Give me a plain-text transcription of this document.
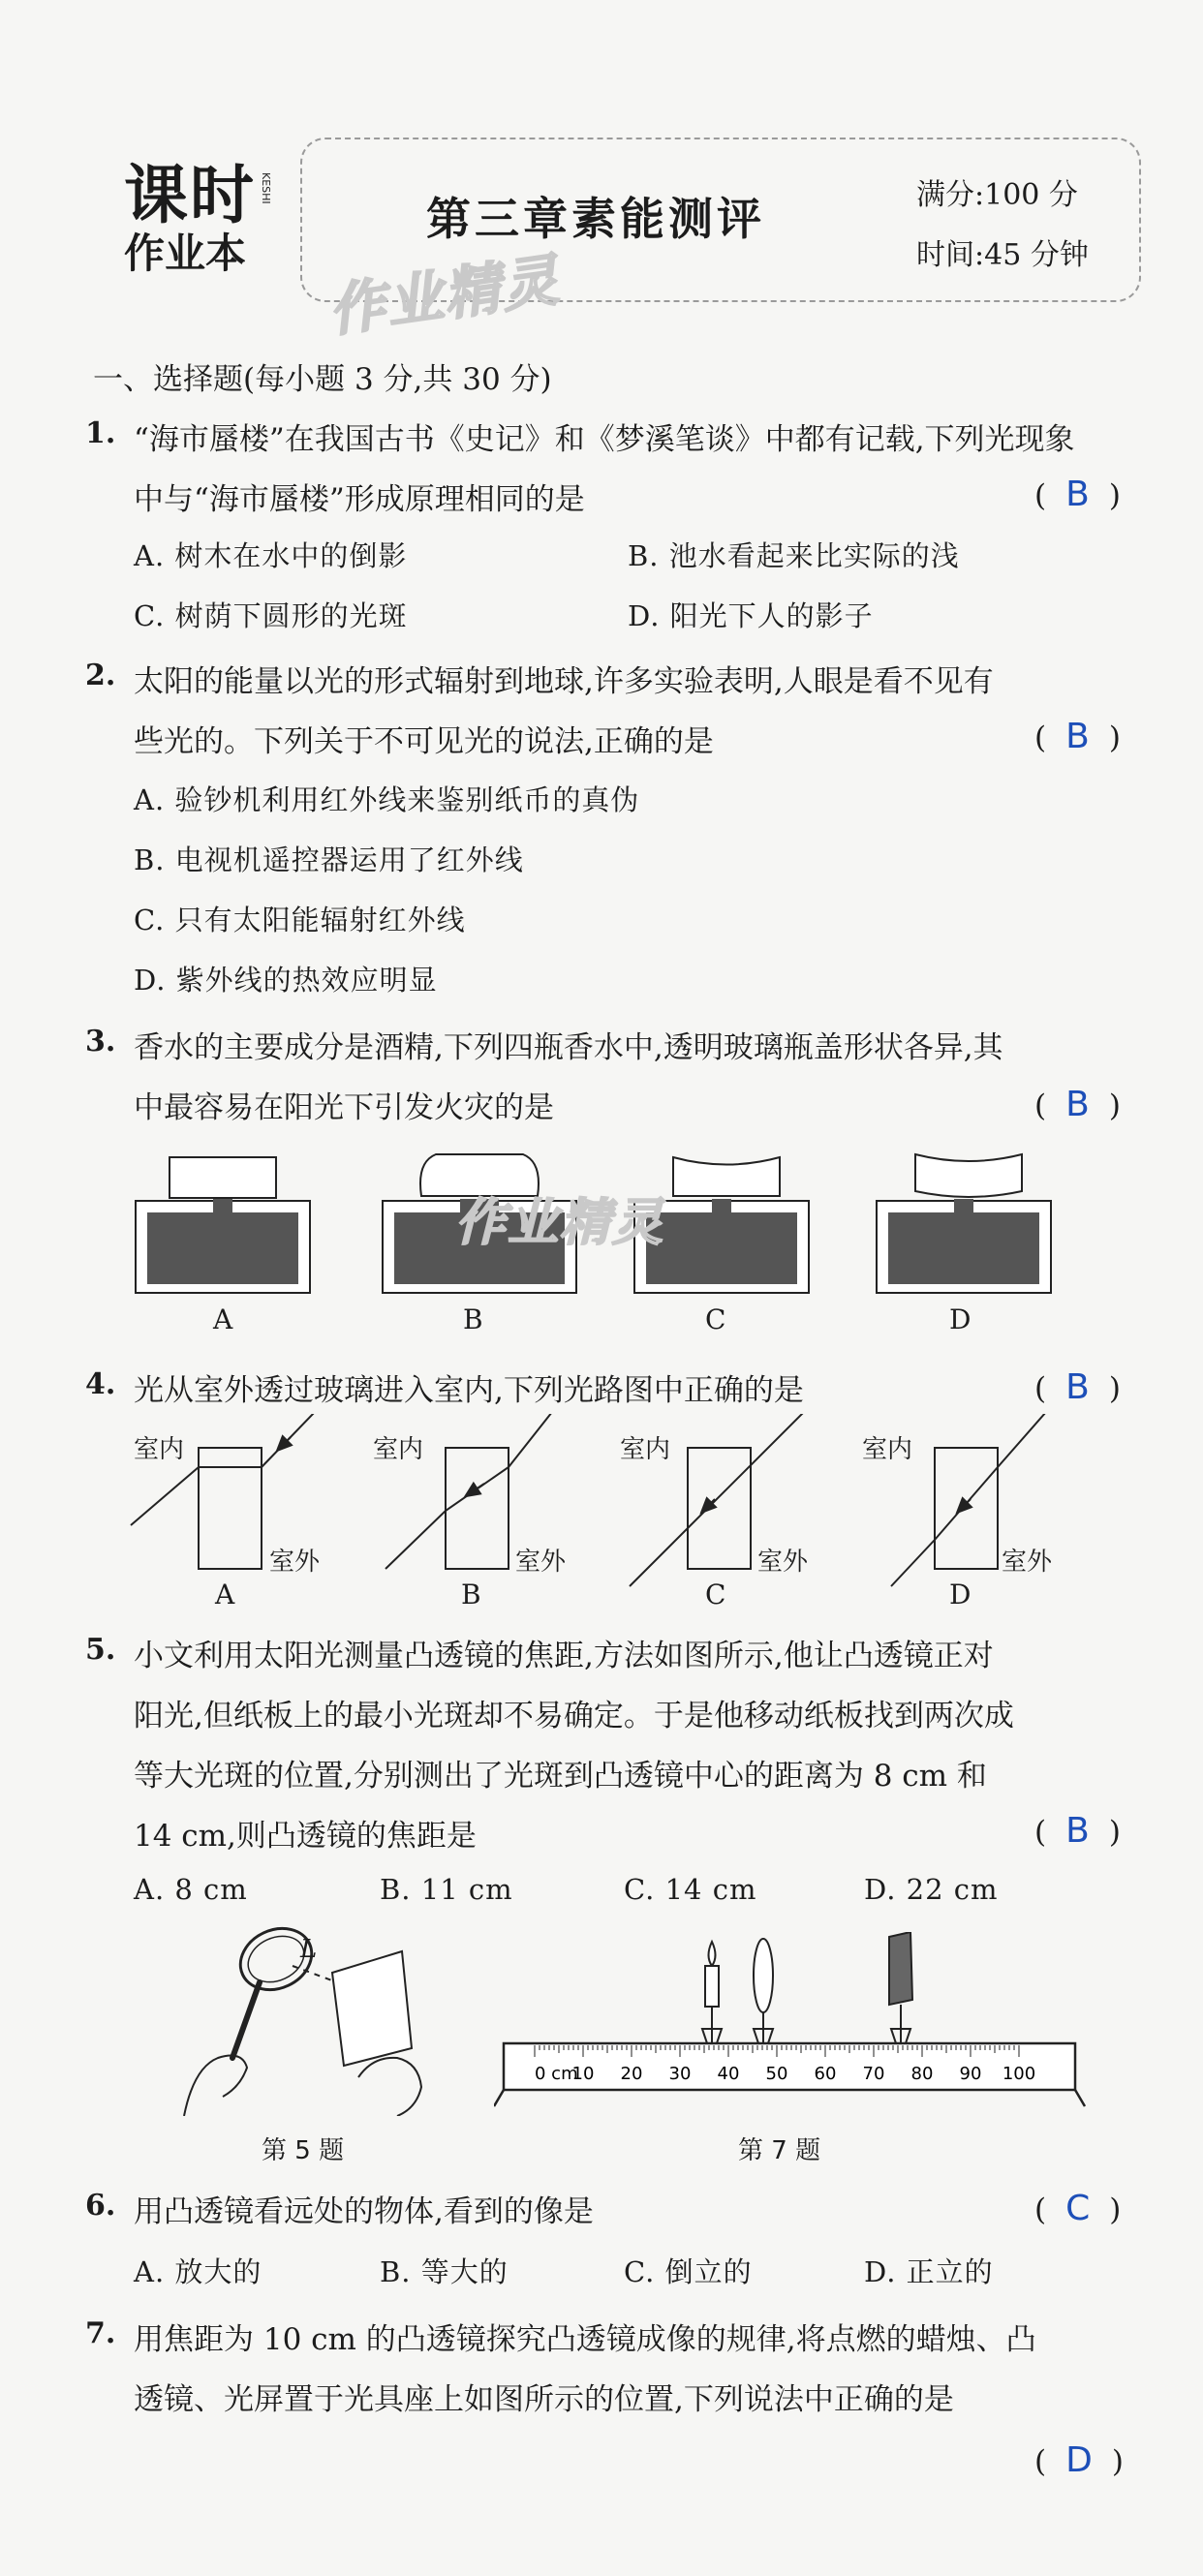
课时
作业本
KESHI
第三章素能测评	满分:100 分
时间:45 分钟
作业精灵
一、选择题(每小题 3 分,共 30 分)
1. “海市蜃楼”在我国古书《史记》和《梦溪笔谈》中都有记载,下列光现象
中与“海市蜃楼”形成原理相同的是	( B )
A. 树木在水中的倒影	B. 池水看起来比实际的浅
C. 树荫下圆形的光斑	D. 阳光下人的影子
2. 太阳的能量以光的形式辐射到地球,许多实验表明,人眼是看不见有
些光的。下列关于不可见光的说法,正确的是	( B )
A. 验钞机利用红外线来鉴别纸币的真伪
B. 电视机遥控器运用了红外线
C. 只有太阳能辐射红外线
D. 紫外线的热效应明显
3. 香水的主要成分是酒精,下列四瓶香水中,透明玻璃瓶盖形状各异,其
中最容易在阳光下引发火灾的是	( B )
作业精灵
A	B	C	D
4. 光从室外透过玻璃进入室内,下列光路图中正确的是	( B )
室内	室内	室内	室内
室外	室外	室外	室外
A	B	C	D
5. 小文利用太阳光测量凸透镜的焦距,方法如图所示,他让凸透镜正对
阳光,但纸板上的最小光斑却不易确定。于是他移动纸板找到两次成
等大光斑的位置,分别测出了光斑到凸透镜中心的距离为 8 cm 和
14 cm,则凸透镜的焦距是	( B )
A. 8 cm	B. 11 cm	C. 14 cm	D. 22 cm
L
第 5 题
0 cm
10 20 30 40 50 60 70 80 90 100
第 7 题
6. 用凸透镜看远处的物体,看到的像是	( C )
A. 放大的	B. 等大的	C. 倒立的	D. 正立的
7. 用焦距为 10 cm 的凸透镜探究凸透镜成像的规律,将点燃的蜡烛、凸
透镜、光屏置于光具座上如图所示的位置,下列说法中正确的是
( D )
